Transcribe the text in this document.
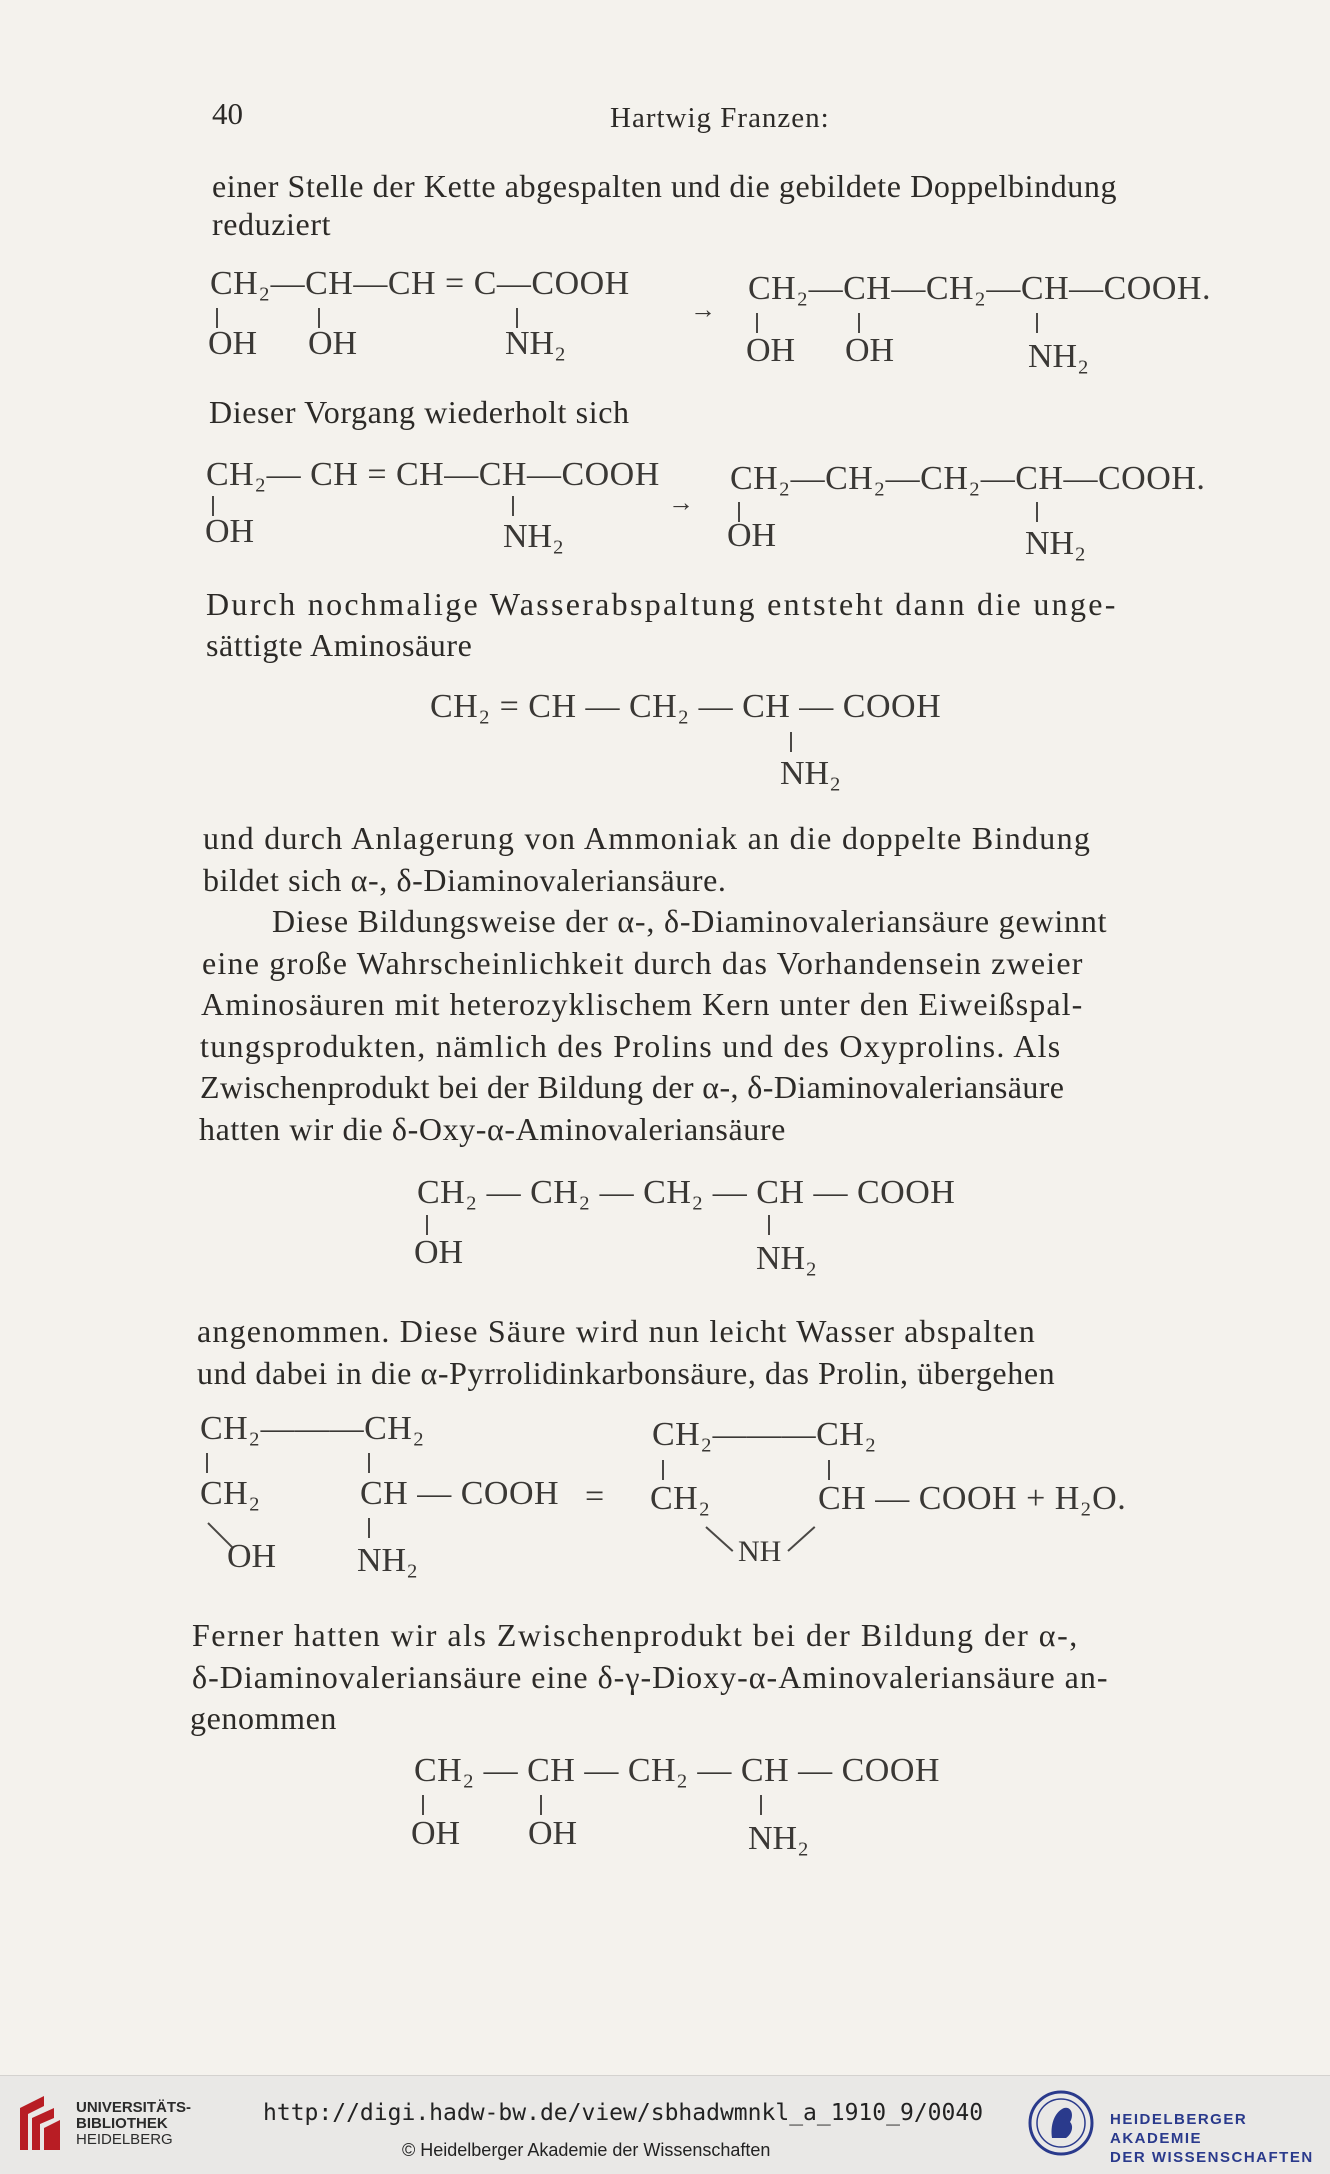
40	Hartwig Franzen:
einer Stelle der Kette abgespalten und die gebildete Doppelbindung
reduziert
CH₂—CH—CH = C—COOH
OH OH	NH₂
→
CH₂—CH—CH₂—CH—COOH.
OH OH	NH₂
Dieser Vorgang wiederholt sich
CH₂— CH = CH—CH—COOH
OH	NH₂
→
CH₂—CH₂—CH₂—CH—COOH.
OH	NH₂
Durch nochmalige Wasserabspaltung entsteht dann die unge-
sättigte Aminosäure
CH₂ = CH — CH₂ — CH — COOH
NH₂
und durch Anlagerung von Ammoniak an die doppelte Bindung
bildet sich α-, δ-Diaminovaleriansäure.
Diese Bildungsweise der α-, δ-Diaminovaleriansäure gewinnt
eine große Wahrscheinlichkeit durch das Vorhandensein zweier
Aminosäuren mit heterozyklischem Kern unter den Eiweißspal-
tungsprodukten, nämlich des Prolins und des Oxyprolins. Als
Zwischenprodukt bei der Bildung der α-, δ-Diaminovaleriansäure
hatten wir die δ-Oxy-α-Aminovaleriansäure
CH₂ — CH₂ — CH₂ — CH — COOH
OH	NH₂
angenommen. Diese Säure wird nun leicht Wasser abspalten
und dabei in die α-Pyrrolidinkarbonsäure, das Prolin, übergehen
CH₂———CH₂
CH₂	CH — COOH
OH NH₂
=
CH₂———CH₂
CH₂	CH — COOH + H₂O.
NH
Ferner hatten wir als Zwischenprodukt bei der Bildung der α-,
δ-Diaminovaleriansäure eine δ-γ-Dioxy-α-Aminovaleriansäure an-
genommen
CH₂ — CH — CH₂ — CH — COOH
OH OH	NH₂
UNIVERSITÄTS-
BIBLIOTHEK
HEIDELBERG
http://digi.hadw-bw.de/view/sbhadwmnkl_a_1910_9/0040
© Heidelberger Akademie der Wissenschaften
HEIDELBERGER AKADEMIE
DER WISSENSCHAFTEN
